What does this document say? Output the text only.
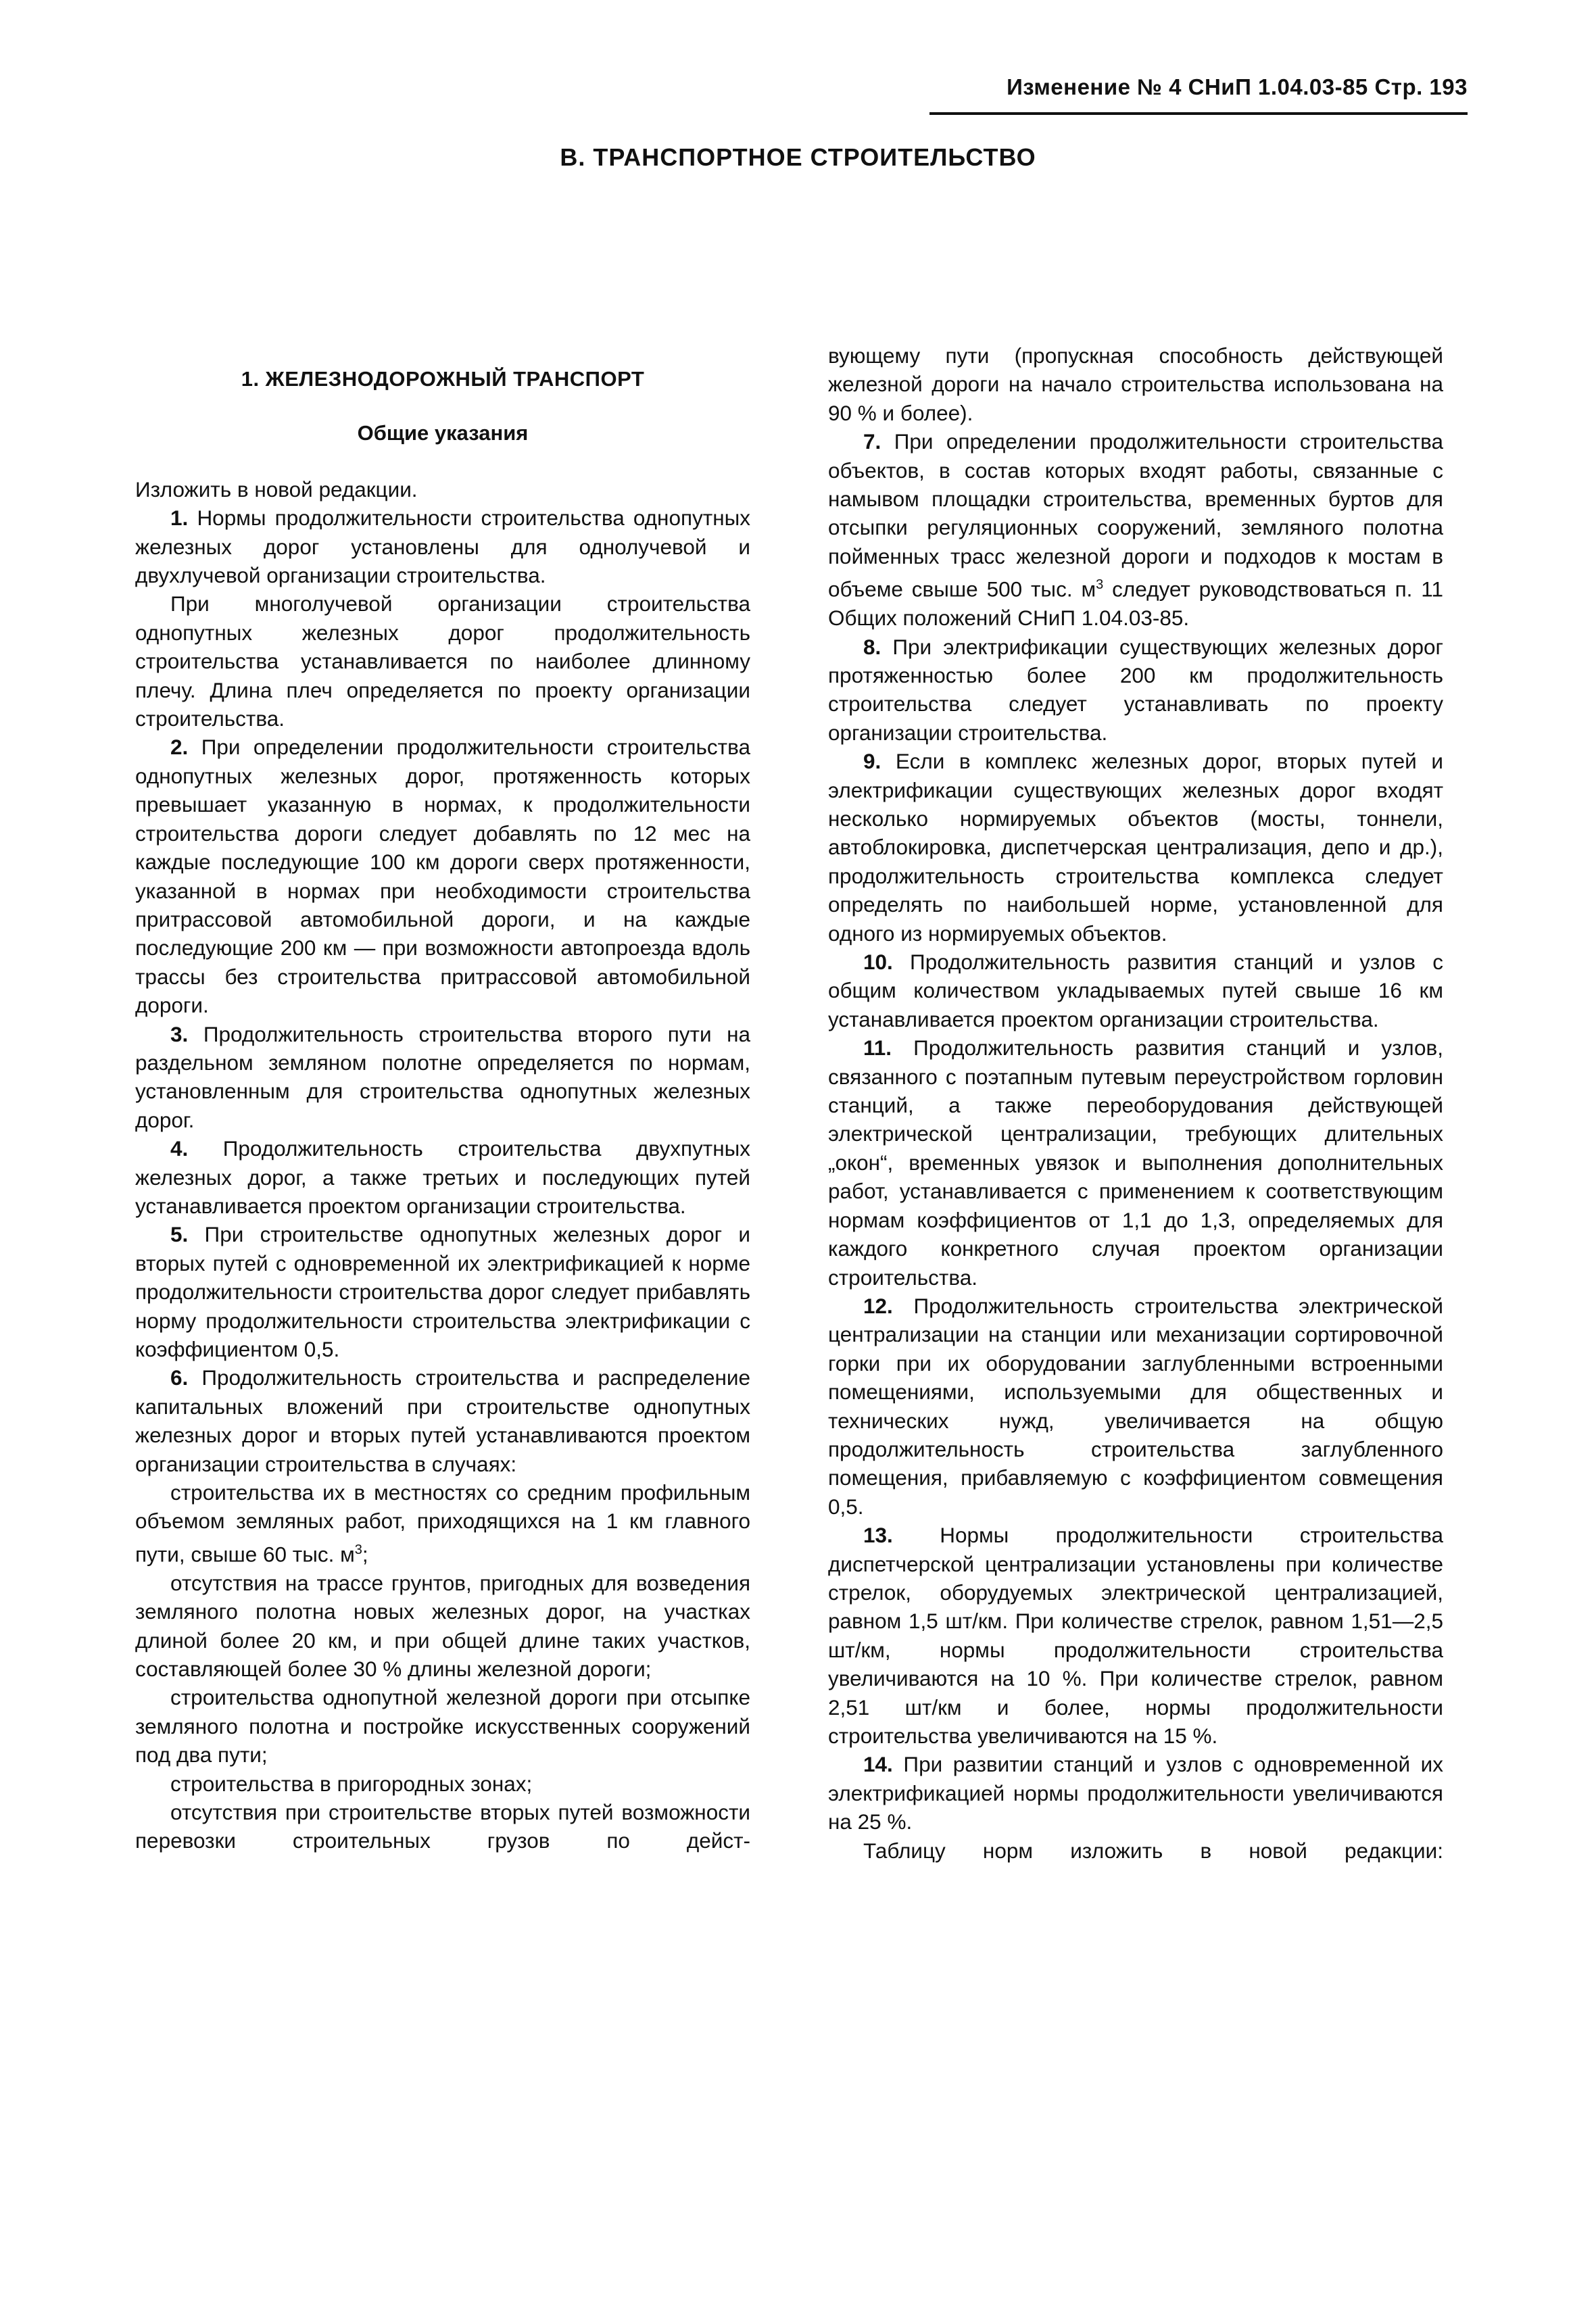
Изменение № 4 СНиП 1.04.03-85 Стр. 193
В. ТРАНСПОРТНОЕ СТРОИТЕЛЬСТВО

1. ЖЕЛЕЗНОДОРОЖНЫЙ ТРАНСПОРТ

Общие указания

Изложить в новой редакции.

1. Нормы продолжительности строительства однопутных железных дорог установлены для однолучевой и двухлучевой организации строительства.

При многолучевой организации строительства однопутных железных дорог продолжительность строительства устанавливается по наиболее длинному плечу. Длина плеч определяется по проекту организации строительства.

2. При определении продолжительности строительства однопутных железных дорог, протяженность которых превышает указанную в нормах, к продолжительности строительства дороги следует добавлять по 12 мес на каждые последующие 100 км дороги сверх протяженности, указанной в нормах при необходимости строительства притрассовой автомобильной дороги, и на каждые последующие 200 км — при возможности автопроезда вдоль трассы без строительства притрассовой автомобильной дороги.

3. Продолжительность строительства второго пути на раздельном земляном полотне определяется по нормам, установленным для строительства однопутных железных дорог.

4. Продолжительность строительства двухпутных железных дорог, а также третьих и последующих путей устанавливается проектом организации строительства.

5. При строительстве однопутных железных дорог и вторых путей с одновременной их электрификацией к норме продолжительности строительства дорог следует прибавлять норму продолжительности строительства электрификации с коэффициентом 0,5.

6. Продолжительность строительства и распределение капитальных вложений при строительстве однопутных железных дорог и вторых путей устанавливаются проектом организации строительства в случаях:

строительства их в местностях со средним профильным объемом земляных работ, приходящихся на 1 км главного пути, свыше 60 тыс. $м^3$;

отсутствия на трассе грунтов, пригодных для возведения земляного полотна новых железных дорог, на участках длиной более 20 км, и при общей длине таких участков, составляющей более 30 % длины железной дороги;

строительства однопутной железной дороги при отсыпке земляного полотна и постройке искусственных сооружений под два пути;

строительства в пригородных зонах;

отсутствия при строительстве вторых путей возможности перевозки строительных грузов по дейст-

вующему пути (пропускная способность действующей железной дороги на начало строительства использована на 90 % и более).

7. При определении продолжительности строительства объектов, в состав которых входят работы, связанные с намывом площадки строительства, временных буртов для отсыпки регуляционных сооружений, земляного полотна пойменных трасс железной дороги и подходов к мостам в объеме свыше 500 тыс. $м^3$ следует руководствоваться п. 11 Общих положений СНиП 1.04.03-85.

8. При электрификации существующих железных дорог протяженностью более 200 км продолжительность строительства следует устанавливать по проекту организации строительства.

9. Если в комплекс железных дорог, вторых путей и электрификации существующих железных дорог входят несколько нормируемых объектов (мосты, тоннели, автоблокировка, диспетчерская централизация, депо и др.), продолжительность строительства комплекса следует определять по наибольшей норме, установленной для одного из нормируемых объектов.

10. Продолжительность развития станций и узлов с общим количеством укладываемых путей свыше 16 км устанавливается проектом организации строительства.

11. Продолжительность развития станций и узлов, связанного с поэтапным путевым переустройством горловин станций, а также переоборудования действующей электрической централизации, требующих длительных „окон“, временных увязок и выполнения дополнительных работ, устанавливается с применением к соответствующим нормам коэффициентов от 1,1 до 1,3, определяемых для каждого конкретного случая проектом организации строительства.

12. Продолжительность строительства электрической централизации на станции или механизации сортировочной горки при их оборудовании заглубленными встроенными помещениями, используемыми для общественных и технических нужд, увеличивается на общую продолжительность строительства заглубленного помещения, прибавляемую с коэффициентом совмещения 0,5.

13. Нормы продолжительности строительства диспетчерской централизации установлены при количестве стрелок, оборудуемых электрической централизацией, равном 1,5 шт/км. При количестве стрелок, равном 1,51—2,5 шт/км, нормы продолжительности строительства увеличиваются на 10 %. При количестве стрелок, равном 2,51 шт/км и более, нормы продолжительности строительства увеличиваются на 15 %.

14. При развитии станций и узлов с одновременной их электрификацией нормы продолжительности увеличиваются на 25 %.

Таблицу норм изложить в новой редакции:
